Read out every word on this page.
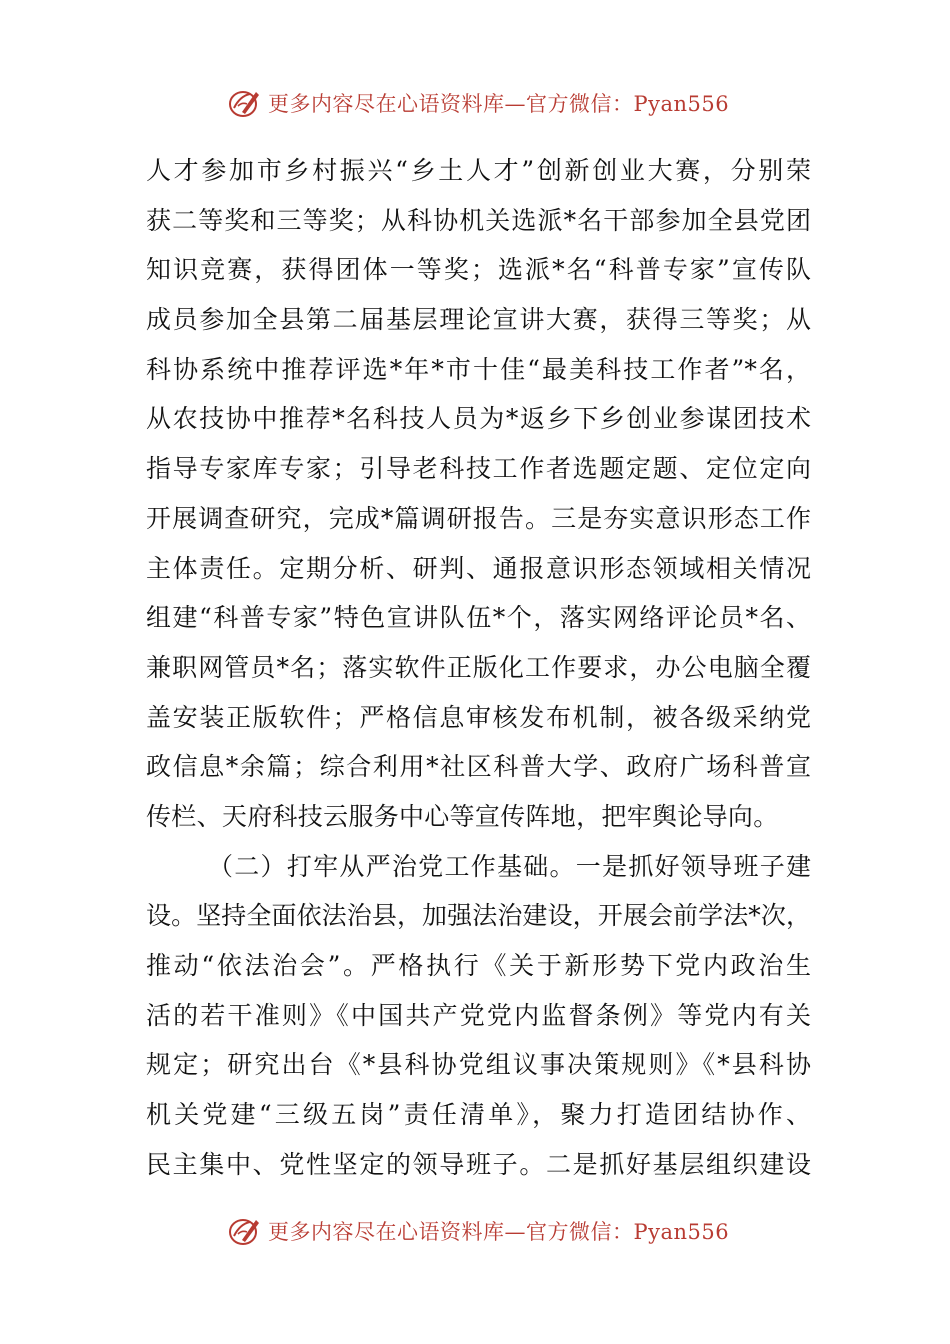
更多内容尽在心语资料库—官方微信：Pyan556
人才参加市乡村振兴“乡土人才”创新创业大赛，分别荣
获二等奖和三等奖；从科协机关选派*名干部参加全县党团
知识竞赛，获得团体一等奖；选派*名“科普专家”宣传队
成员参加全县第二届基层理论宣讲大赛，获得三等奖；从
科协系统中推荐评选*年*市十佳“最美科技工作者”*名，
从农技协中推荐*名科技人员为*返乡下乡创业参谋团技术
指导专家库专家；引导老科技工作者选题定题、定位定向
开展调查研究，完成*篇调研报告。三是夯实意识形态工作
主体责任。定期分析、研判、通报意识形态领域相关情况
组建“科普专家”特色宣讲队伍*个，落实网络评论员*名、
兼职网管员*名；落实软件正版化工作要求，办公电脑全覆
盖安装正版软件；严格信息审核发布机制，被各级采纳党
政信息*余篇；综合利用*社区科普大学、政府广场科普宣
传栏、天府科技云服务中心等宣传阵地，把牢舆论导向。
（二）打牢从严治党工作基础。一是抓好领导班子建
设。坚持全面依法治县，加强法治建设，开展会前学法*次，
推动“依法治会”。严格执行《关于新形势下党内政治生
活的若干准则》《中国共产党党内监督条例》等党内有关
规定；研究出台《*县科协党组议事决策规则》《*县科协
机关党建“三级五岗”责任清单》，聚力打造团结协作、
民主集中、党性坚定的领导班子。二是抓好基层组织建设
更多内容尽在心语资料库—官方微信：Pyan556
